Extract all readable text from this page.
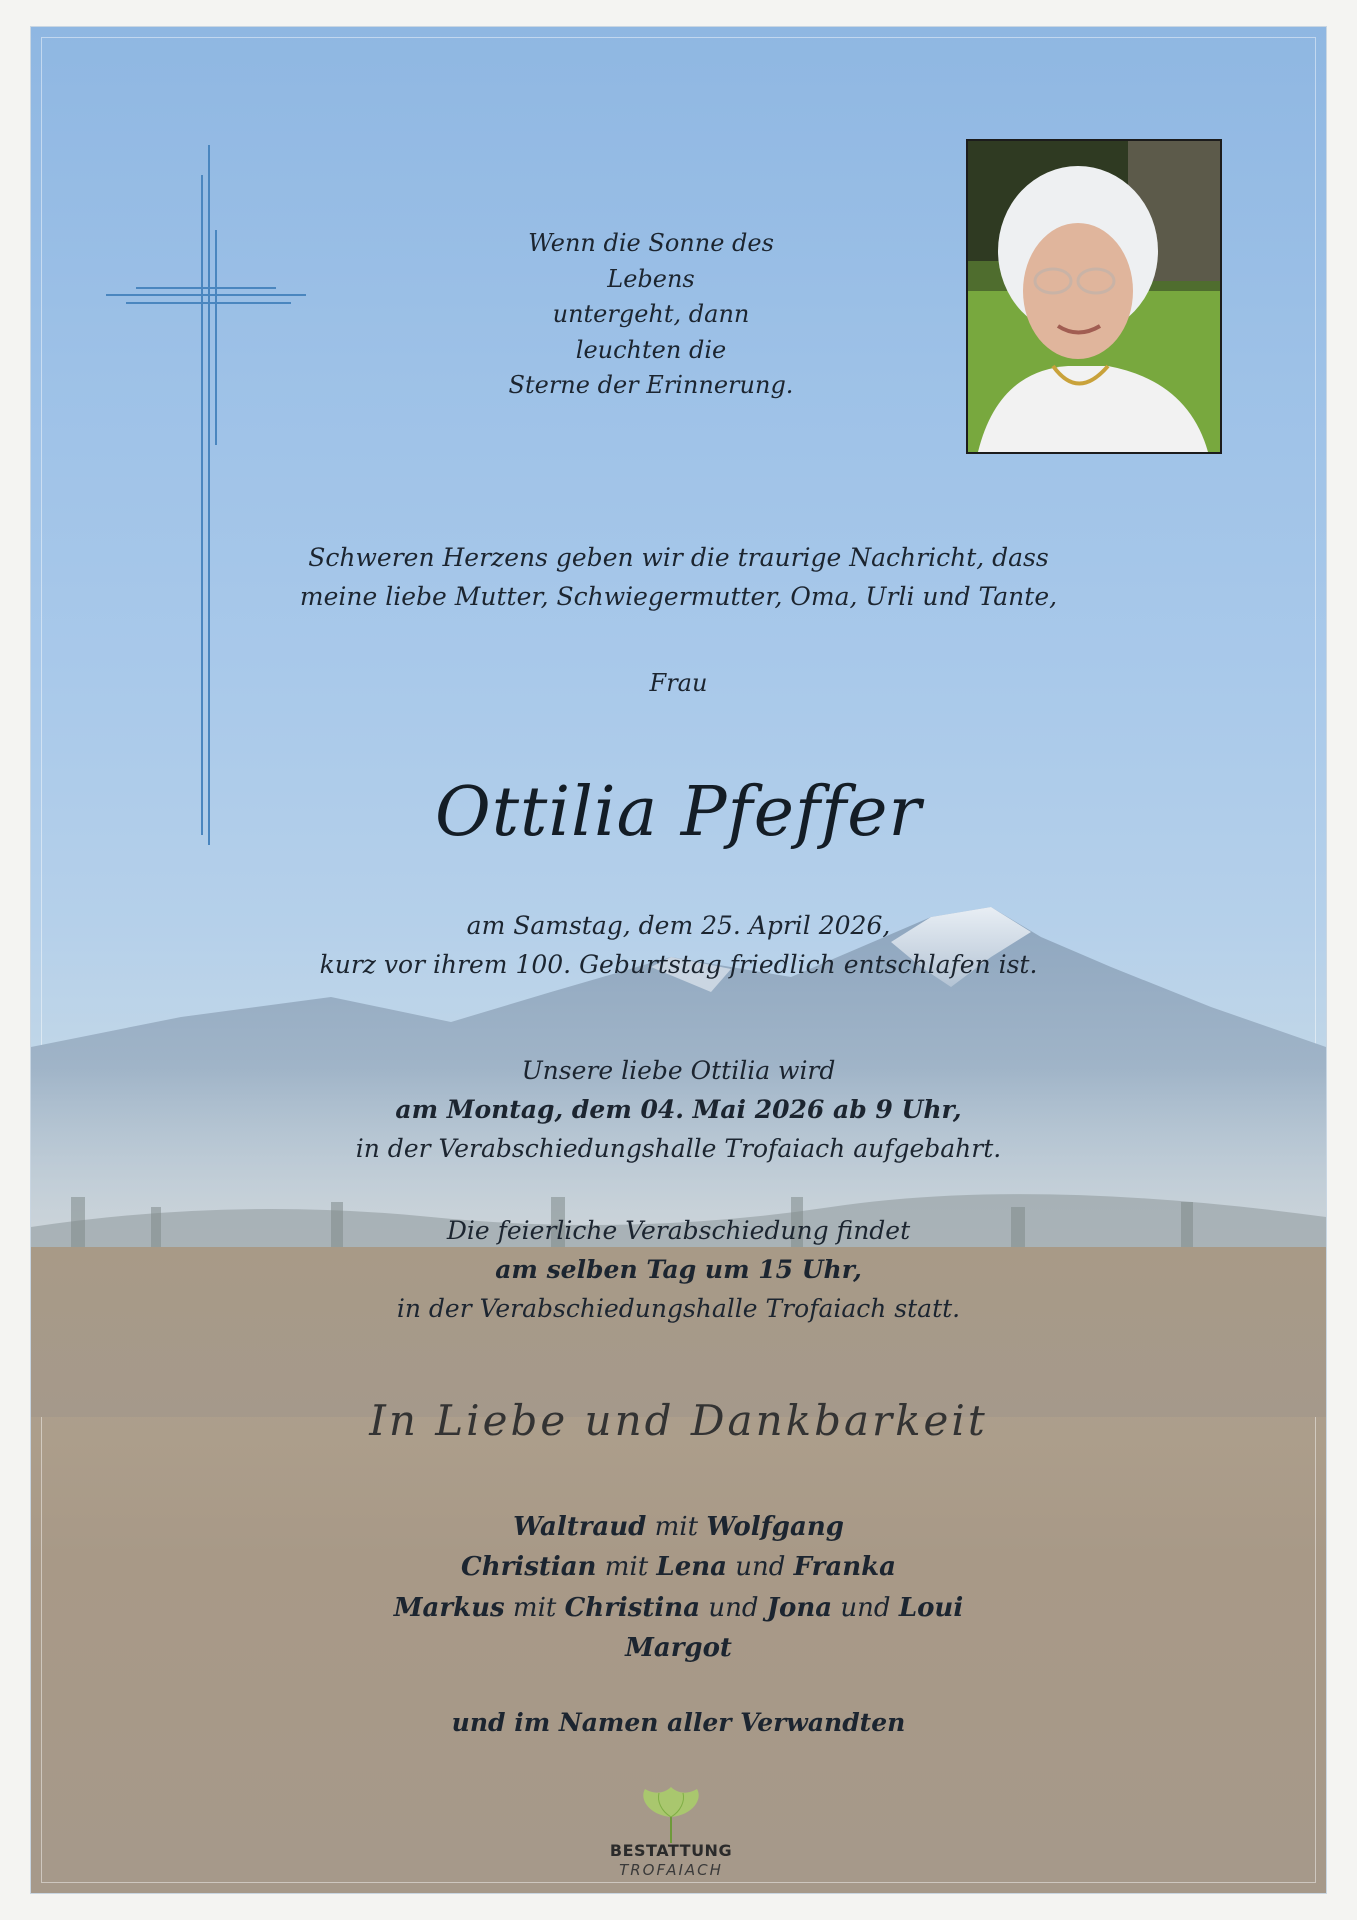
Wenn die Sonne des Lebens
untergeht, dann leuchten die
Sterne der Erinnerung.
Schweren Herzens geben wir die traurige Nachricht, dass
meine liebe Mutter, Schwiegermutter, Oma, Urli und Tante,
Frau
Ottilia Pfeffer
am Samstag, dem 25. April 2026,
kurz vor ihrem 100. Geburtstag friedlich entschlafen ist.
Unsere liebe Ottilia wird
am Montag, dem 04. Mai 2026 ab 9 Uhr,
in der Verabschiedungshalle Trofaiach aufgebahrt.
Die feierliche Verabschiedung findet
am selben Tag um 15 Uhr,
in der Verabschiedungshalle Trofaiach statt.
In Liebe und Dankbarkeit
Waltraud mit Wolfgang
Christian mit Lena und Franka
Markus mit Christina und Jona und Loui
Margot
und im Namen aller Verwandten
BESTATTUNG
TROFAIACH
